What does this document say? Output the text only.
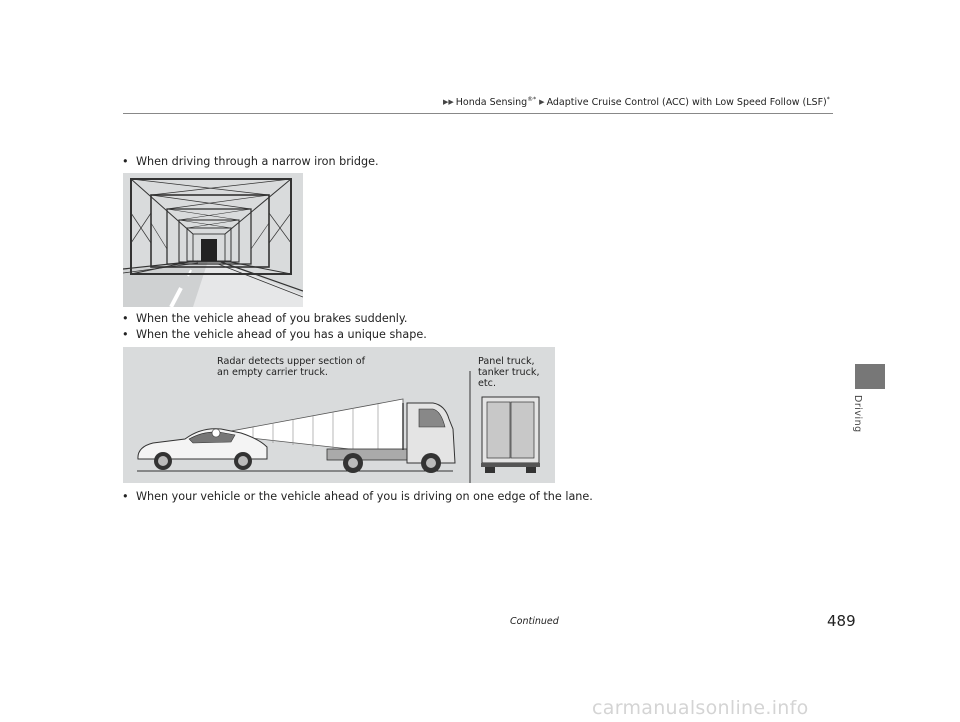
▶▶ Honda Sensing®* ▶ Adaptive Cruise Control (ACC) with Low Speed Follow (LSF)*
• When driving through a narrow iron bridge.
• When the vehicle ahead of you brakes suddenly.
• When the vehicle ahead of you has a unique shape.
Radar detects upper section of
an empty carrier truck.
Panel truck,
tanker truck,
etc.
• When your vehicle or the vehicle ahead of you is driving on one edge of the lane.
Driving
Continued	489
carmanualsonline.info
